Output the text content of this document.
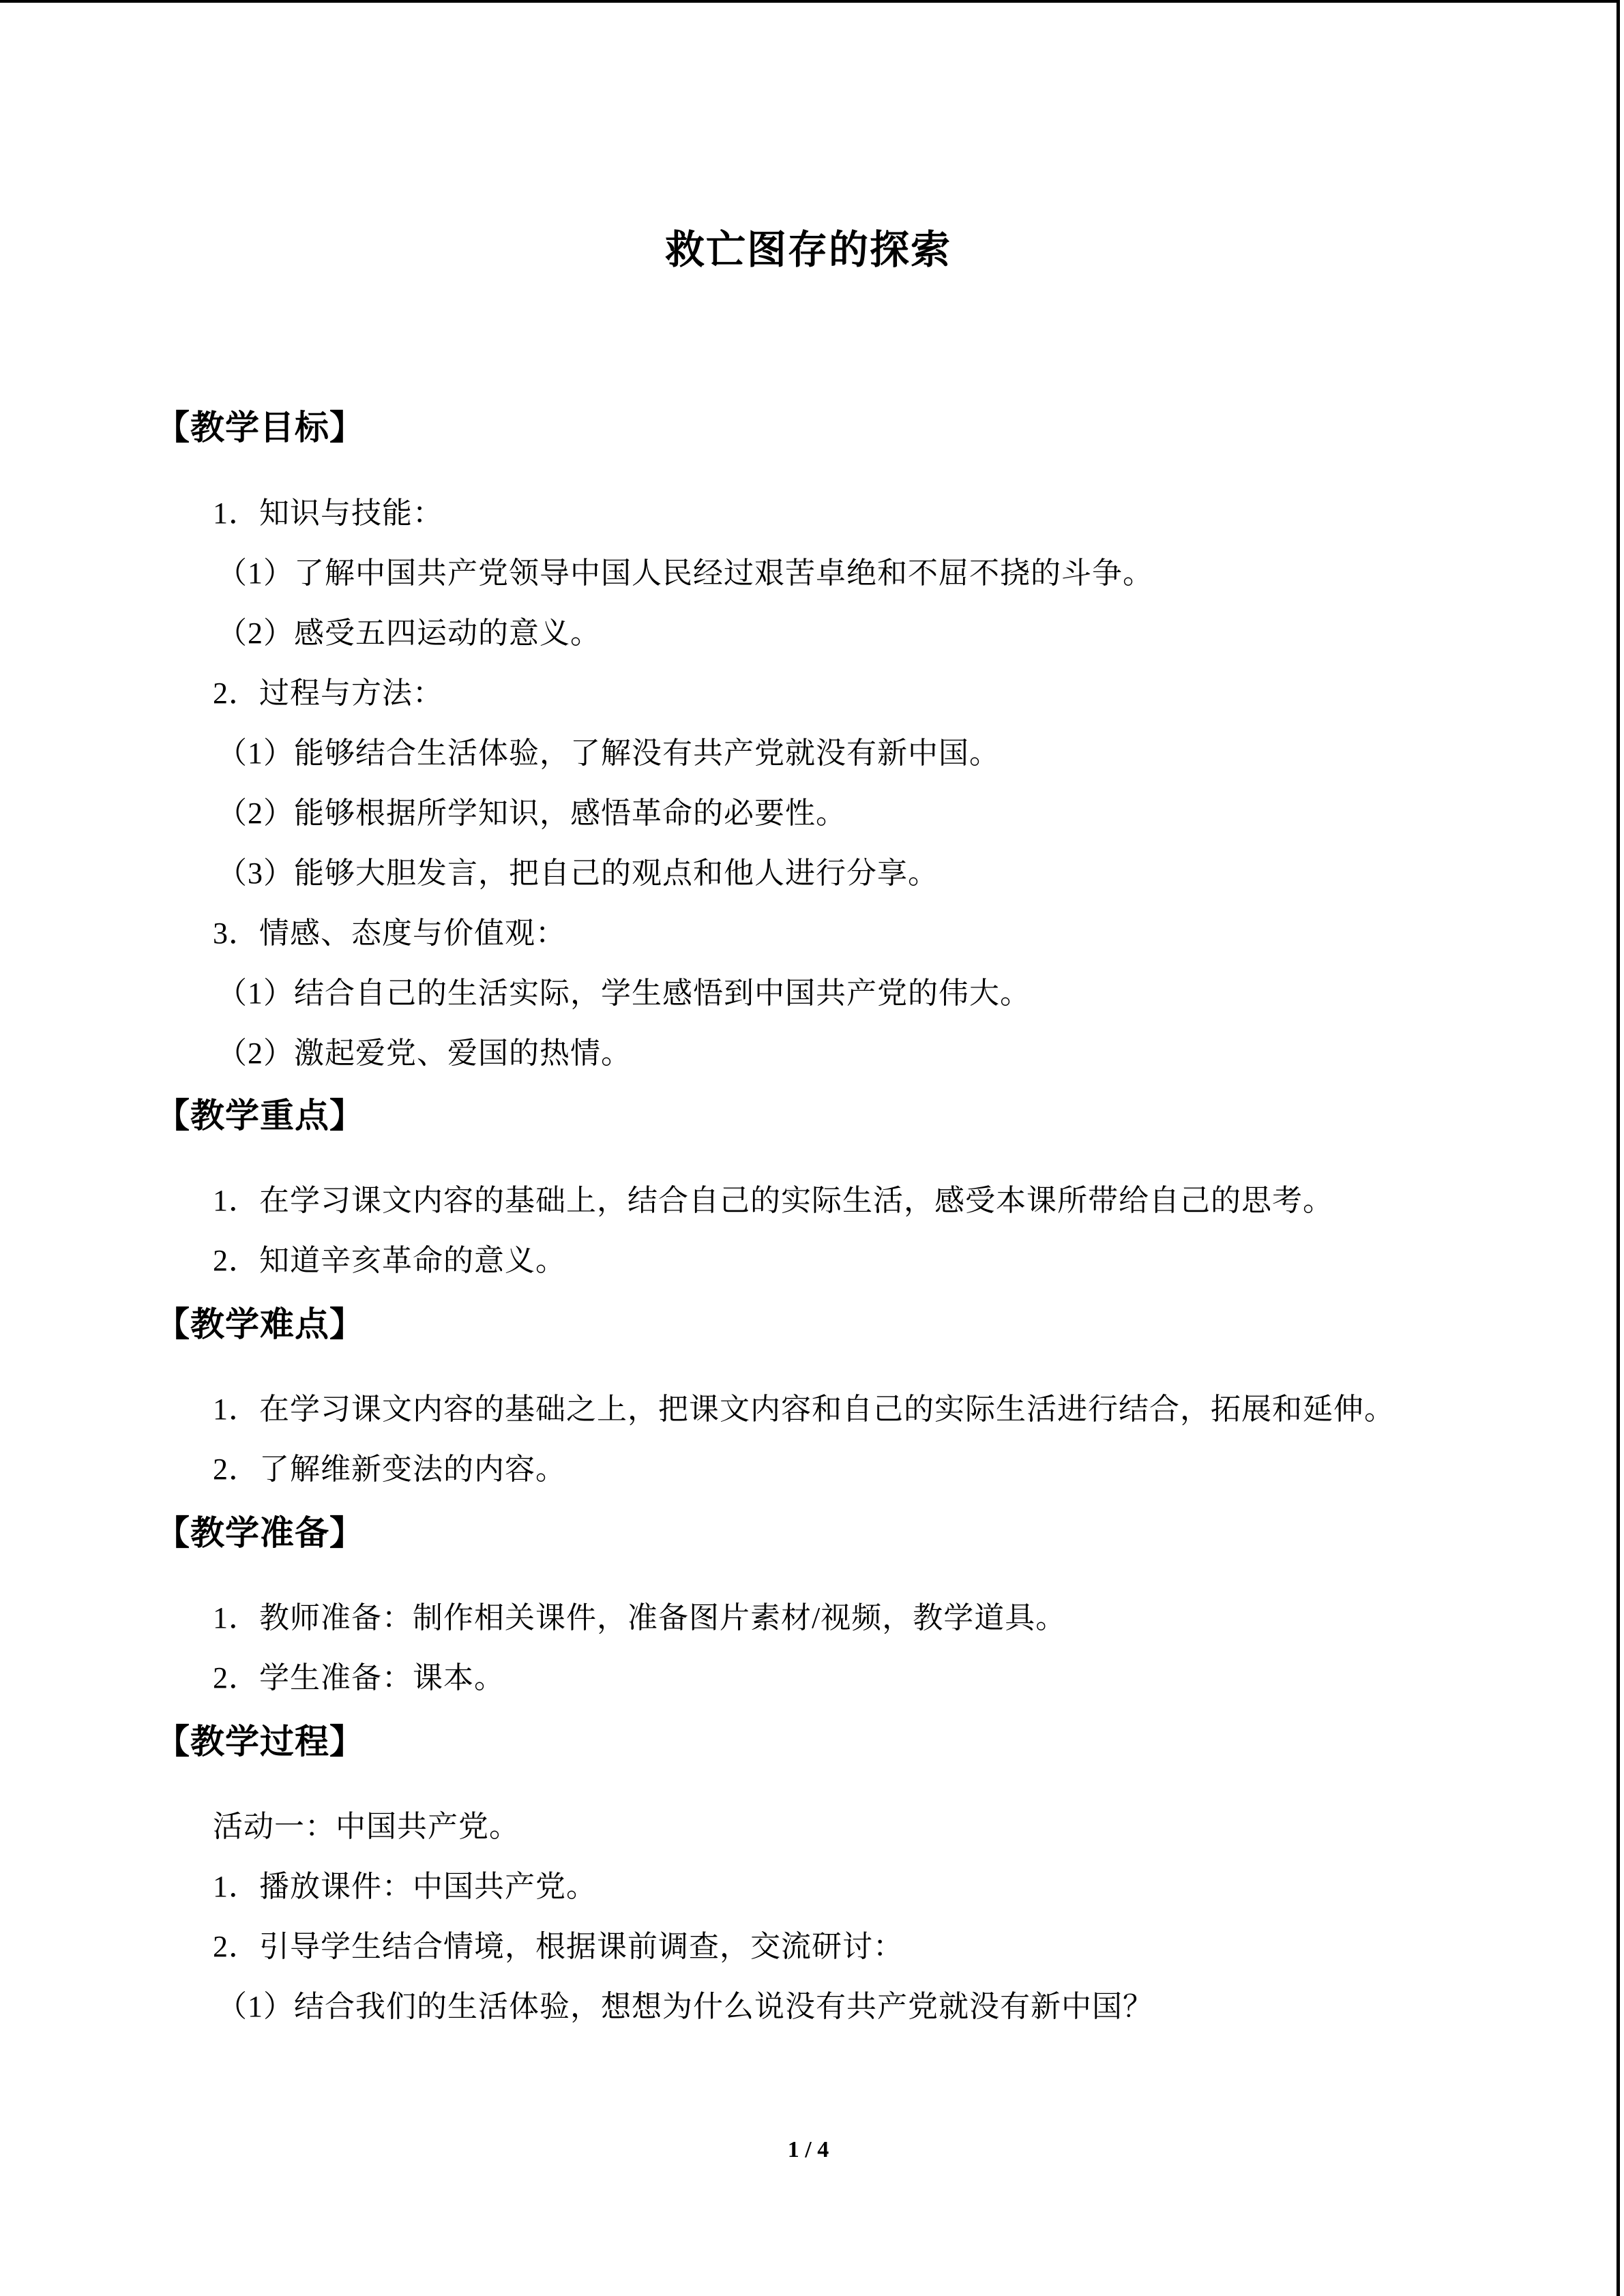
救亡图存的探索
【教学目标】
1．知识与技能：
（1）了解中国共产党领导中国人民经过艰苦卓绝和不屈不挠的斗争。
（2）感受五四运动的意义。
2．过程与方法：
（1）能够结合生活体验，了解没有共产党就没有新中国。
（2）能够根据所学知识，感悟革命的必要性。
（3）能够大胆发言，把自己的观点和他人进行分享。
3．情感、态度与价值观：
（1）结合自己的生活实际，学生感悟到中国共产党的伟大。
（2）激起爱党、爱国的热情。
【教学重点】
1．在学习课文内容的基础上，结合自己的实际生活，感受本课所带给自己的思考。
2．知道辛亥革命的意义。
【教学难点】
1．在学习课文内容的基础之上，把课文内容和自己的实际生活进行结合，拓展和延伸。
2．了解维新变法的内容。
【教学准备】
1．教师准备：制作相关课件，准备图片素材/视频，教学道具。
2．学生准备：课本。
【教学过程】
活动一：中国共产党。
1．播放课件：中国共产党。
2．引导学生结合情境，根据课前调查，交流研讨：
（1）结合我们的生活体验，想想为什么说没有共产党就没有新中国？
1 / 4
